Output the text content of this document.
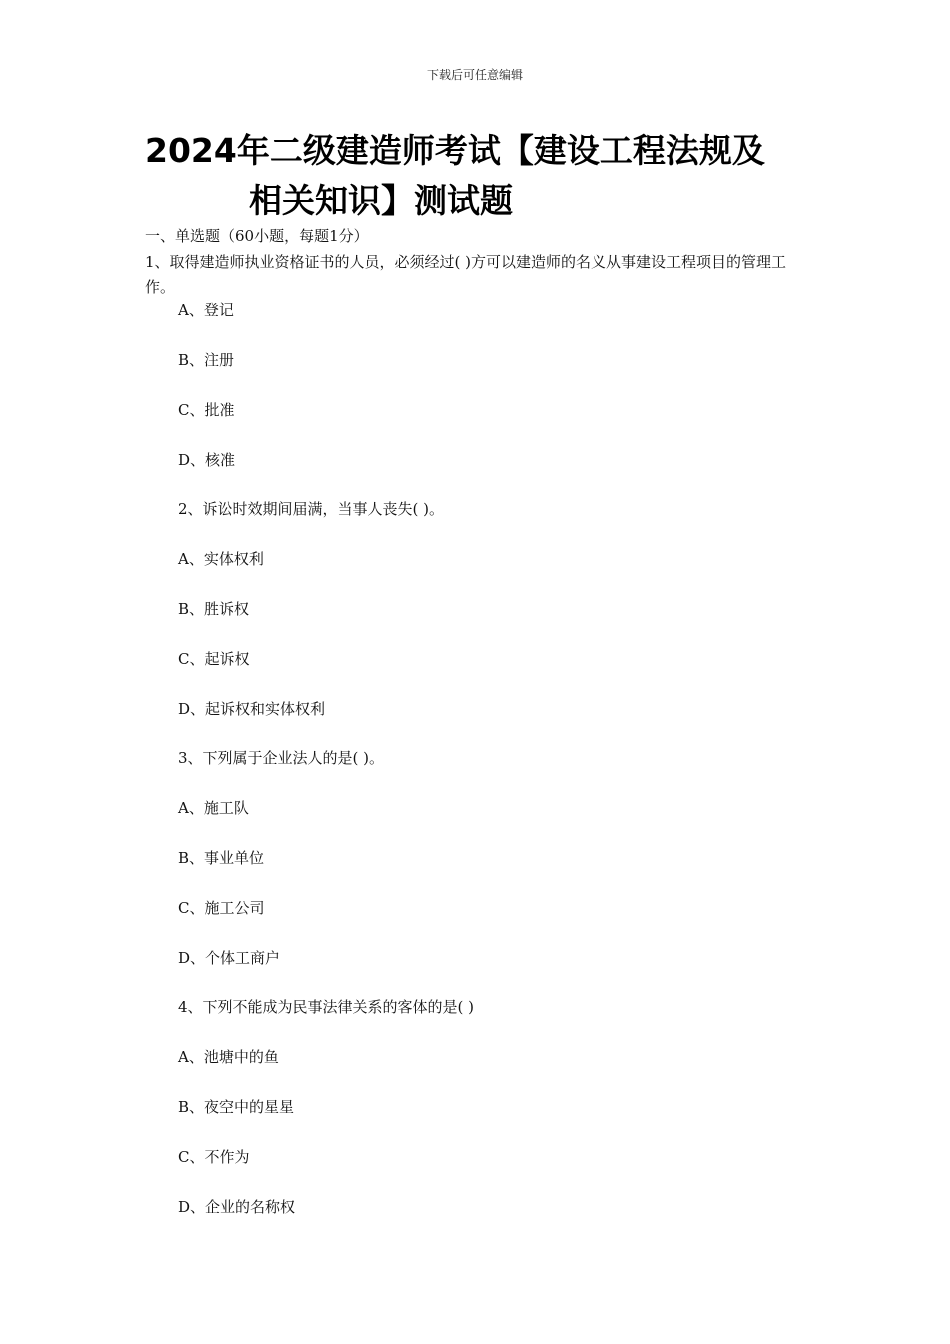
下载后可任意编辑
2024年二级建造师考试【建设工程法规及
相关知识】测试题
一、单选题（60小题，每题1分）
1、取得建造师执业资格证书的人员，必须经过( )方可以建造师的名义从事建设工程项目的管理工作。
A、登记
B、注册
C、批准
D、核准
2、诉讼时效期间届满，当事人丧失( )。
A、实体权利
B、胜诉权
C、起诉权
D、起诉权和实体权利
3、下列属于企业法人的是( )。
A、施工队
B、事业单位
C、施工公司
D、个体工商户
4、下列不能成为民事法律关系的客体的是( )
A、池塘中的鱼
B、夜空中的星星
C、不作为
D、企业的名称权
